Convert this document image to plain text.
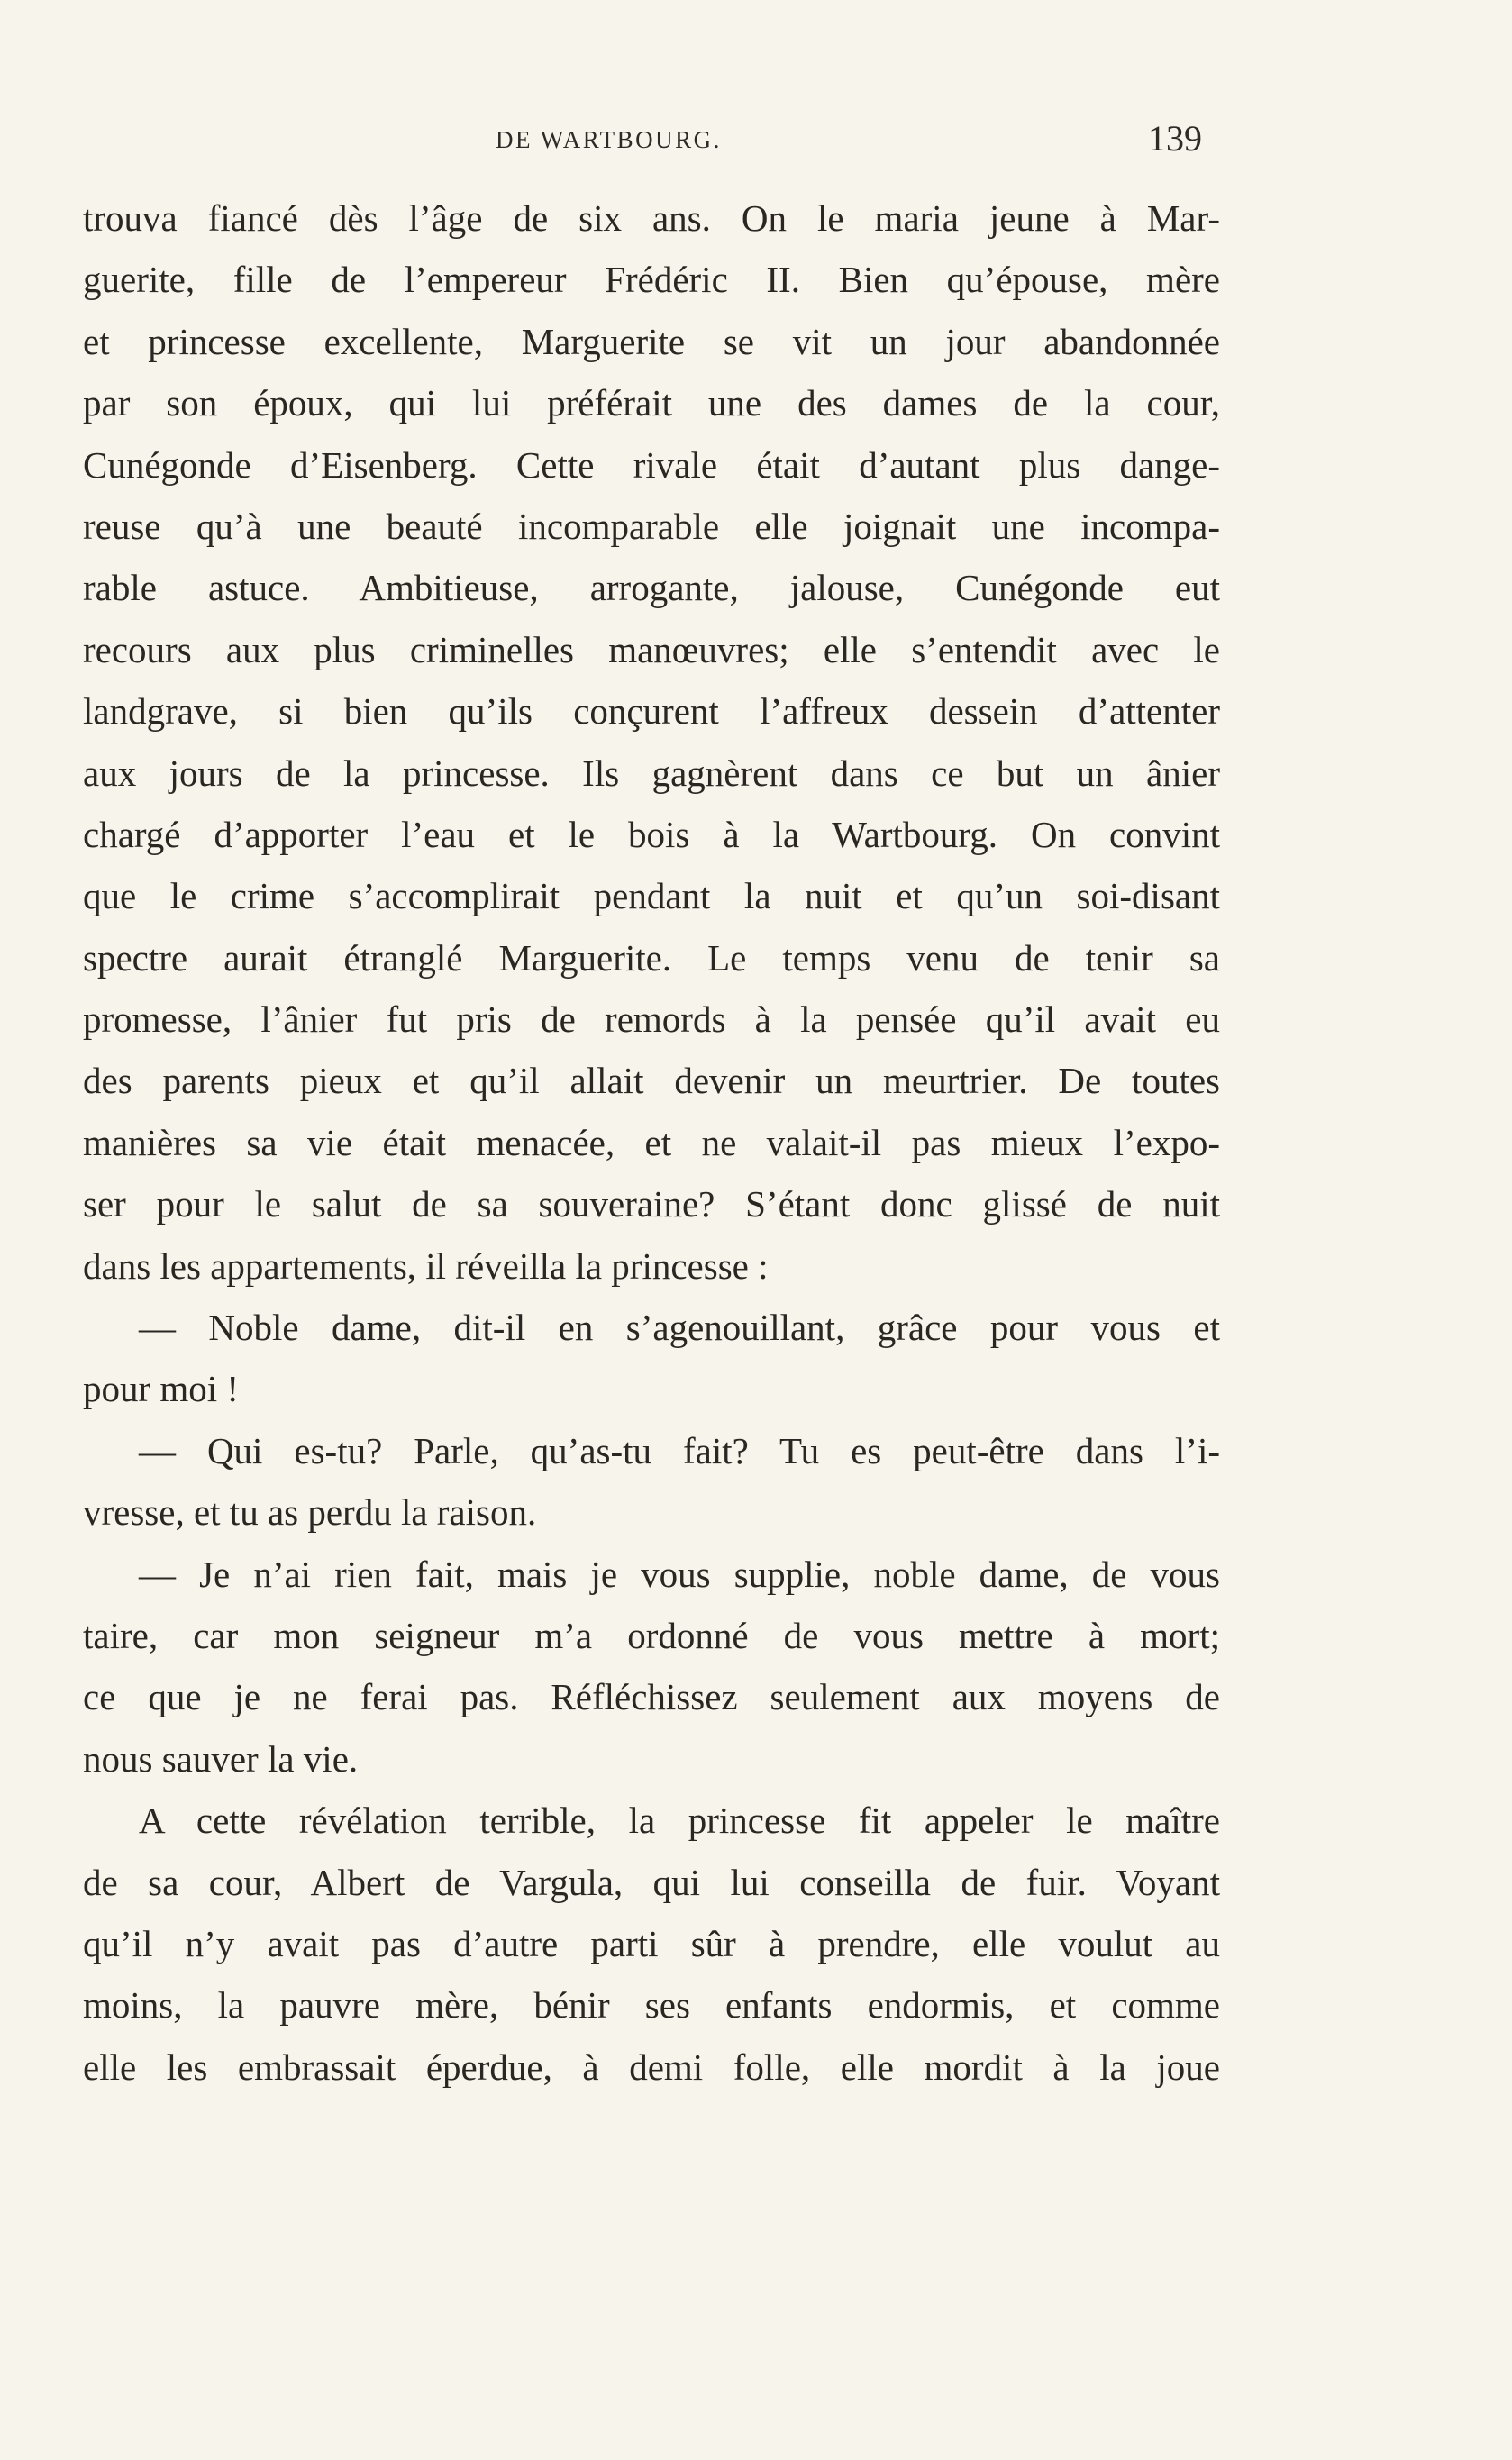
DE WARTBOURG.	139
trouva fiancé dès l’âge de six ans. On le maria jeune à Mar-
guerite, fille de l’empereur Frédéric II. Bien qu’épouse, mère
et princesse excellente, Marguerite se vit un jour abandonnée
par son époux, qui lui préférait une des dames de la cour,
Cunégonde d’Eisenberg. Cette rivale était d’autant plus dange-
reuse qu’à une beauté incomparable elle joignait une incompa-
rable astuce. Ambitieuse, arrogante, jalouse, Cunégonde eut
recours aux plus criminelles manœuvres; elle s’entendit avec le
landgrave, si bien qu’ils conçurent l’affreux dessein d’attenter
aux jours de la princesse. Ils gagnèrent dans ce but un ânier
chargé d’apporter l’eau et le bois à la Wartbourg. On convint
que le crime s’accomplirait pendant la nuit et qu’un soi-disant
spectre aurait étranglé Marguerite. Le temps venu de tenir sa
promesse, l’ânier fut pris de remords à la pensée qu’il avait eu
des parents pieux et qu’il allait devenir un meurtrier. De toutes
manières sa vie était menacée, et ne valait-il pas mieux l’expo-
ser pour le salut de sa souveraine? S’étant donc glissé de nuit
dans les appartements, il réveilla la princesse :
— Noble dame, dit-il en s’agenouillant, grâce pour vous et
pour moi !
— Qui es-tu? Parle, qu’as-tu fait? Tu es peut-être dans l’i-
vresse, et tu as perdu la raison.
— Je n’ai rien fait, mais je vous supplie, noble dame, de vous
taire, car mon seigneur m’a ordonné de vous mettre à mort;
ce que je ne ferai pas. Réfléchissez seulement aux moyens de
nous sauver la vie.
A cette révélation terrible, la princesse fit appeler le maître
de sa cour, Albert de Vargula, qui lui conseilla de fuir. Voyant
qu’il n’y avait pas d’autre parti sûr à prendre, elle voulut au
moins, la pauvre mère, bénir ses enfants endormis, et comme
elle les embrassait éperdue, à demi folle, elle mordit à la joue
